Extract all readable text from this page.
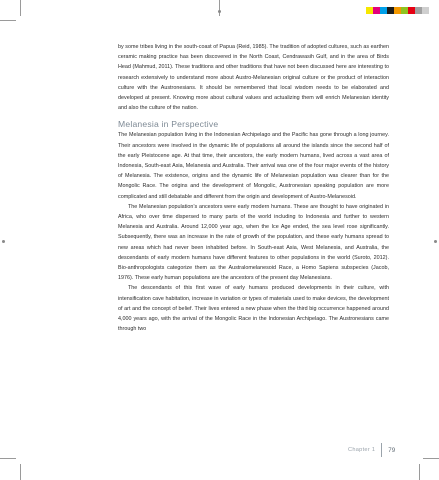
by some tribes living in the south-coast of Papua (Reid, 1985). The tradition of adopted cultures, such as earthen ceramic making practice has been discovered in the North Coast, Cendrawasih Gulf, and in the area of Birds Head (Mahmud, 2011). These traditions and other traditions that have not been discussed here are interesting to research extensively to understand more about Austro-Melanesian original culture or the product of interaction culture with the Austronesians. It should be remembered that local wisdom needs to be elaborated and developed at present. Knowing more about cultural values and actualizing them will enrich Melanesian identity and also the culture of the nation.

Melanesia in Perspective

The Melanesian population living in the Indonesian Archipelago and the Pacific has gone through a long journey. Their ancestors were involved in the dynamic life of populations all around the islands since the second half of the early Pleistocene age. At that time, their ancestors, the early modern humans, lived across a vast area of Indonesia, South-east Asia, Melanesia and Australia. Their arrival was one of the four major events of the history of Melanesia. The existence, origins and the dynamic life of Melanesian population was clearer than for the Mongolic Race. The origins and the development of Mongolic, Austronesian speaking population are more complicated and still debatable and different from the origin and development of Austro-Melanesoid.

The Melanesian population’s ancestors were early modern humans. These are thought to have originated in Africa, who over time dispersed to many parts of the world including to Indonesia and further to western Melanesia and Australia. Around 12,000 year ago, when the Ice Age ended, the sea level rose significantly. Subsequently, there was an increase in the rate of growth of the population, and these early humans spread to new areas which had never been inhabited before. In South-east Asia, West Melanesia, and Australia, the descendants of early modern humans have different features to other populations in the world (Suroto, 2012). Bio-anthropologists categorize them as the Australomelanesoid Race, a Homo Sapiens subspecies (Jacob, 1976). These early human populations are the ancestors of the present day Melanesians.

The descendants of this first wave of early humans produced developments in their culture, with intensification cave habitation, increase in variation or types of materials used to make devices, the development of art and the concept of belief. Their lives entered a new phase when the third big occurrence happened around 4,000 years ago, with the arrival of the Mongolic Race in the Indonesian Archipelago. The Austronesians came through two

Chapter 1 79
